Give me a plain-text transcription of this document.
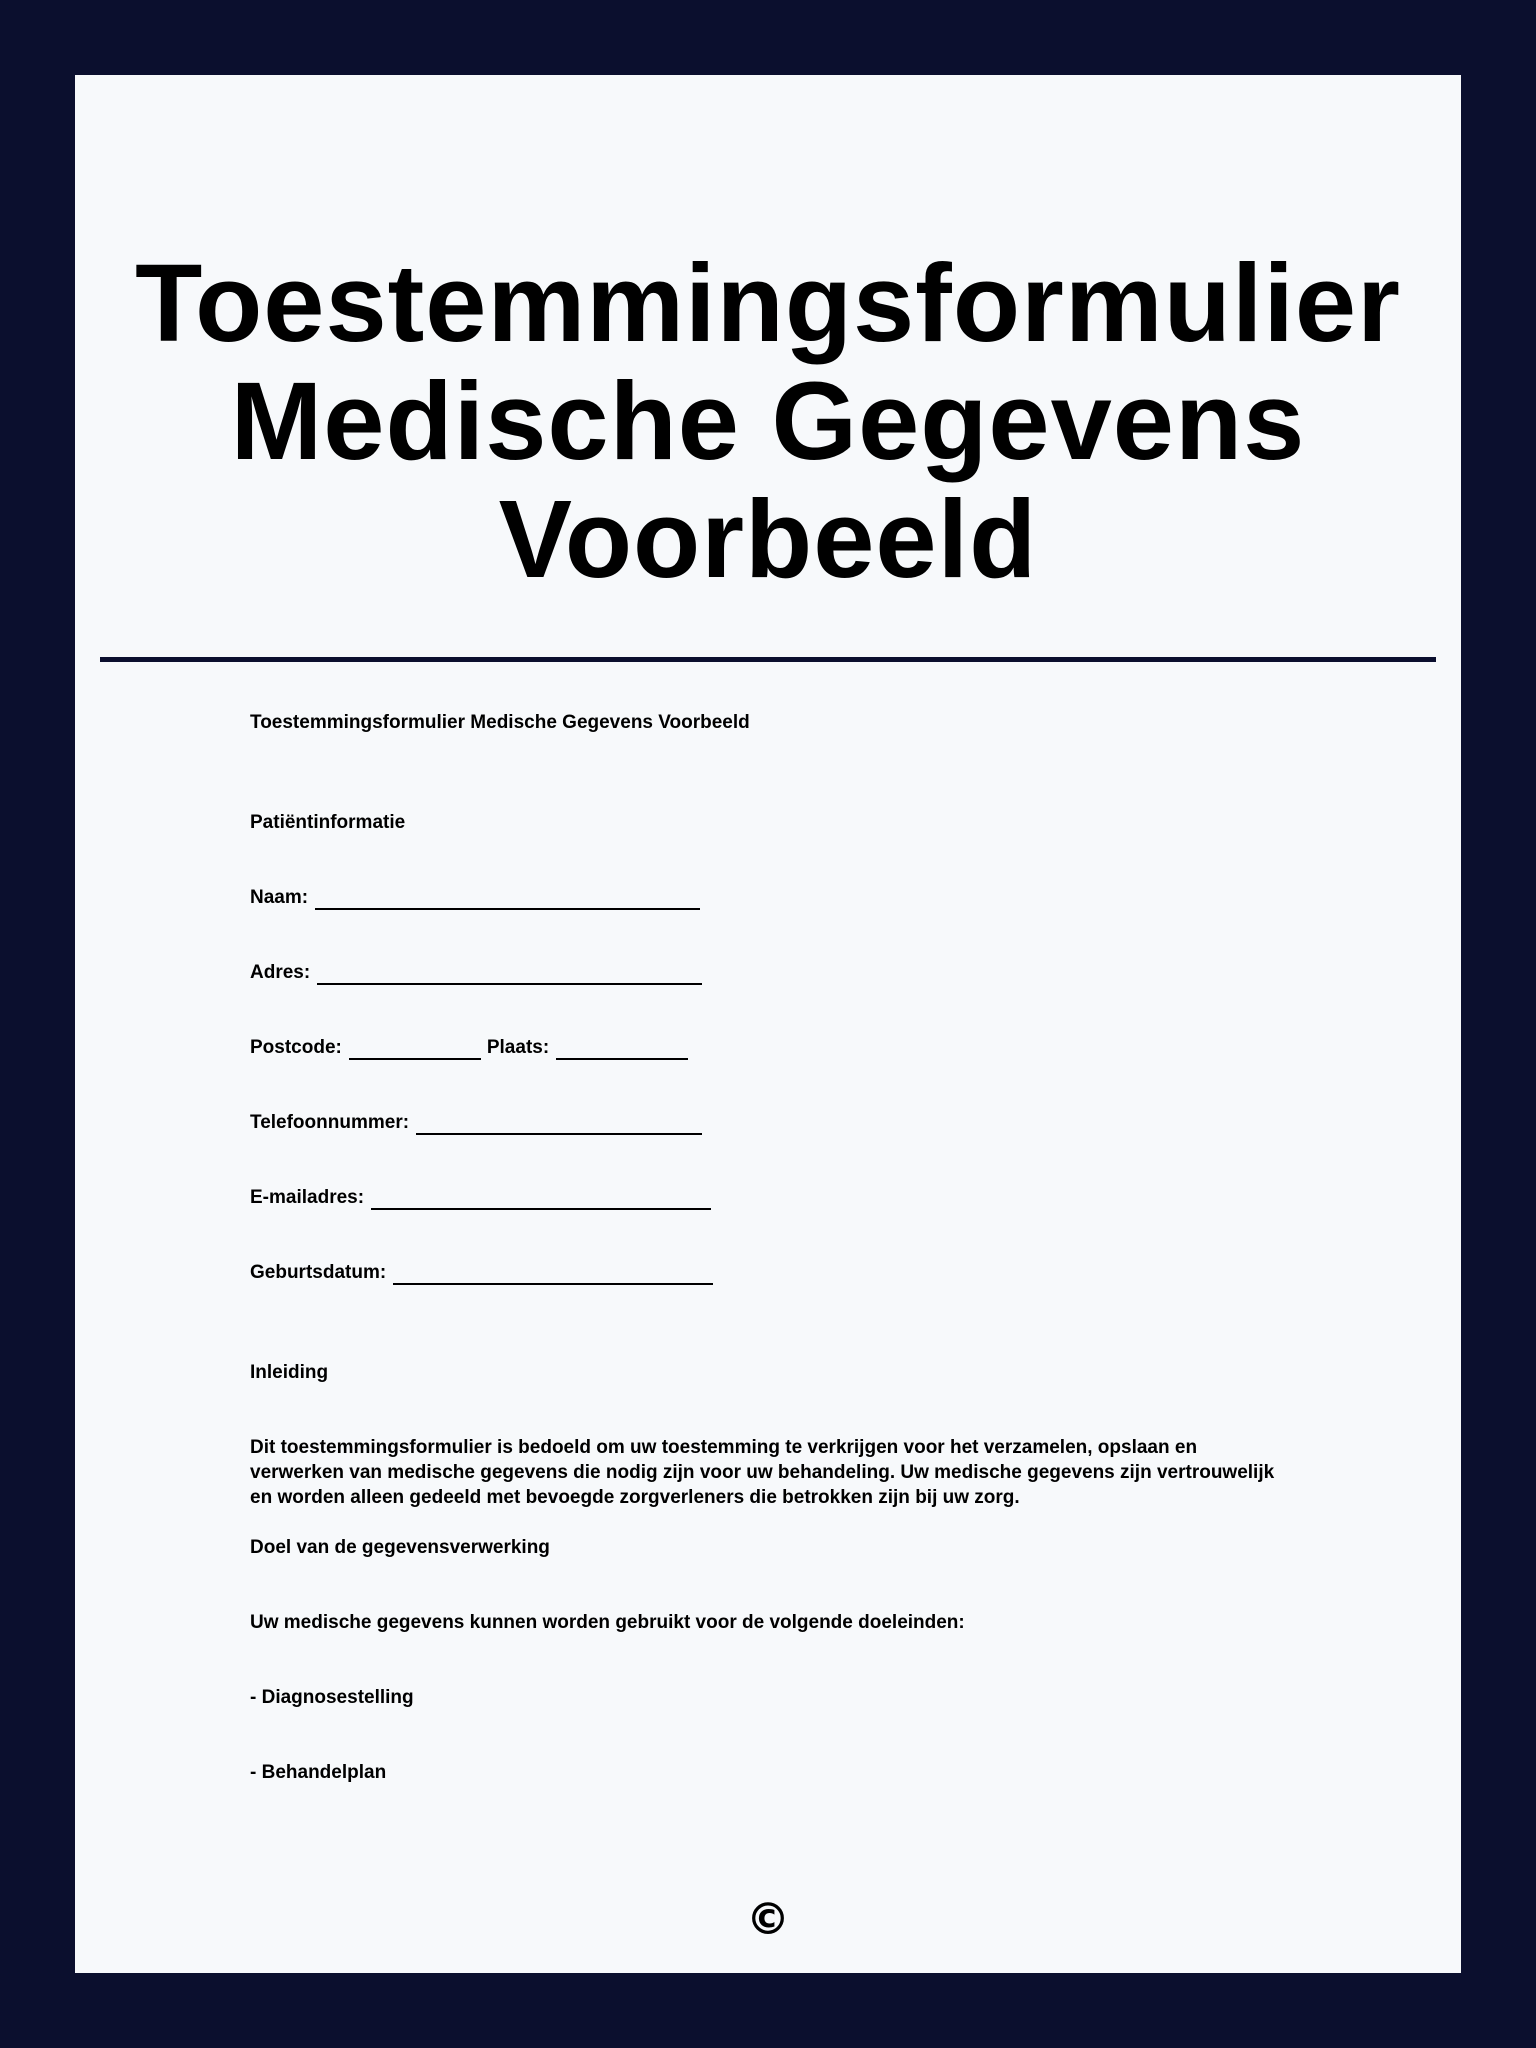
Toestemmingsformulier
Medische Gegevens
Voorbeeld

Toestemmingsformulier Medische Gegevens Voorbeeld

Patiëntinformatie

Naam:
Adres:
Postcode:	Plaats:
Telefoonnummer:
E-mailadres:
Geburtsdatum:

Inleiding

Dit toestemmingsformulier is bedoeld om uw toestemming te verkrijgen voor het verzamelen, opslaan en verwerken van medische gegevens die nodig zijn voor uw behandeling. Uw medische gegevens zijn vertrouwelijk en worden alleen gedeeld met bevoegde zorgverleners die betrokken zijn bij uw zorg.

Doel van de gegevensverwerking

Uw medische gegevens kunnen worden gebruikt voor de volgende doeleinden:

- Diagnosestelling

- Behandelplan

©
